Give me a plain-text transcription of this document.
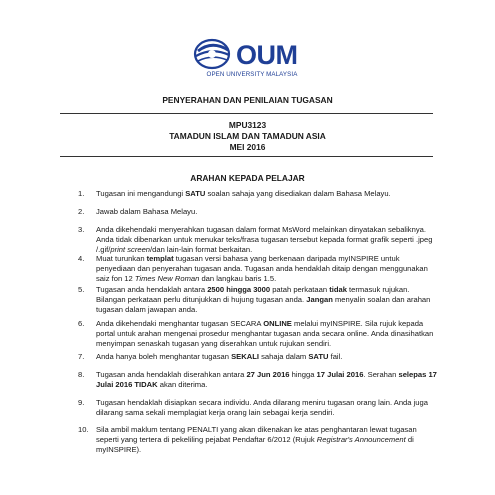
OUM
OPEN UNIVERSITY MALAYSIA
PENYERAHAN DAN PENILAIAN TUGASAN
MPU3123
TAMADUN ISLAM DAN TAMADUN ASIA
MEI 2016
ARAHAN KEPADA PELAJAR
1. Tugasan ini mengandungi SATU soalan sahaja yang disediakan dalam Bahasa Melayu.
2. Jawab dalam Bahasa Melayu.
3. Anda dikehendaki menyerahkan tugasan dalam format MsWord melainkan dinyatakan sebaliknya. Anda tidak dibenarkan untuk menukar teks/frasa tugasan tersebut kepada format grafik seperti .jpeg /.gif/print screen/dan lain-lain format berkaitan.
4. Muat turunkan templat tugasan versi bahasa yang berkenaan daripada myINSPIRE untuk penyediaan dan penyerahan tugasan anda. Tugasan anda hendaklah ditaip dengan menggunakan saiz fon 12 Times New Roman dan langkau baris 1.5.
5. Tugasan anda hendaklah antara 2500 hingga 3000 patah perkataan tidak termasuk rujukan. Bilangan perkataan perlu ditunjukkan di hujung tugasan anda. Jangan menyalin soalan dan arahan tugasan dalam jawapan anda.
6. Anda dikehendaki menghantar tugasan SECARA ONLINE melalui myINSPIRE. Sila rujuk kepada portal untuk arahan mengenai prosedur menghantar tugasan anda secara online. Anda dinasihatkan menyimpan senaskah tugasan yang diserahkan untuk rujukan sendiri.
7. Anda hanya boleh menghantar tugasan SEKALI sahaja dalam SATU fail.
8. Tugasan anda hendaklah diserahkan antara 27 Jun 2016 hingga 17 Julai 2016. Serahan selepas 17 Julai 2016 TIDAK akan diterima.
9. Tugasan hendaklah disiapkan secara individu. Anda dilarang meniru tugasan orang lain. Anda juga dilarang sama sekali memplagiat kerja orang lain sebagai kerja sendiri.
10. Sila ambil maklum tentang PENALTI yang akan dikenakan ke atas penghantaran lewat tugasan seperti yang tertera di pekeliling pejabat Pendaftar 6/2012 (Rujuk Registrar's Announcement di myINSPIRE).
